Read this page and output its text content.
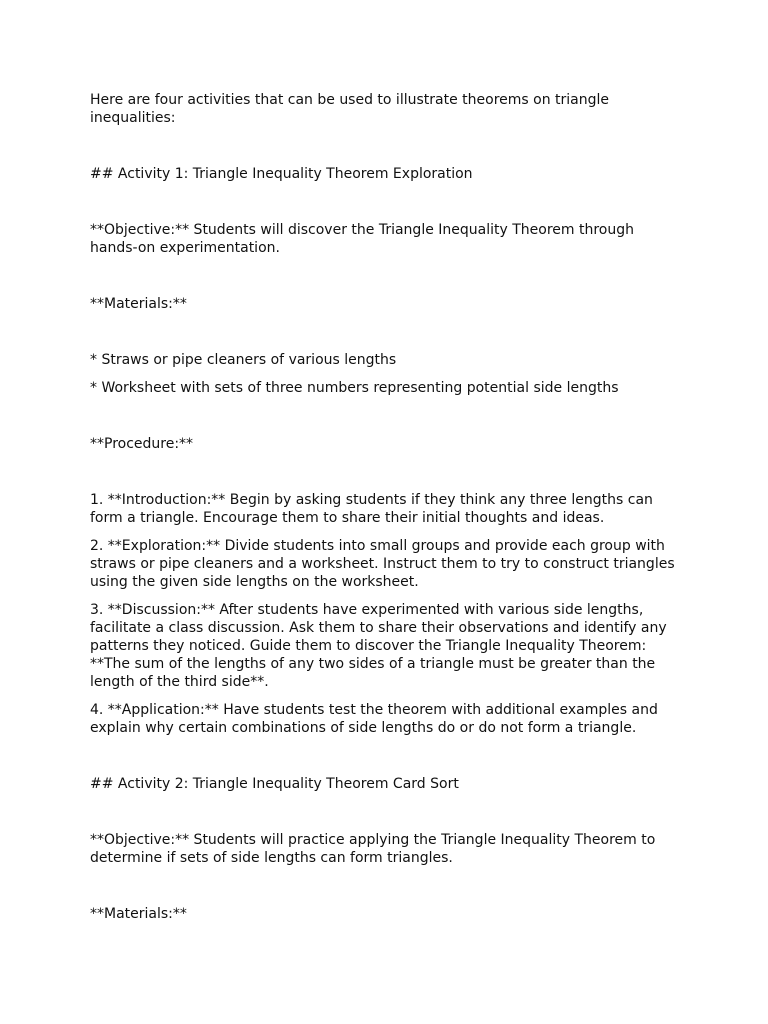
Here are four activities that can be used to illustrate theorems on triangle inequalities:

## Activity 1: Triangle Inequality Theorem Exploration

**Objective:** Students will discover the Triangle Inequality Theorem through hands-on experimentation.

**Materials:**

* Straws or pipe cleaners of various lengths

* Worksheet with sets of three numbers representing potential side lengths

**Procedure:**

1. **Introduction:** Begin by asking students if they think any three lengths can form a triangle. Encourage them to share their initial thoughts and ideas.

2. **Exploration:** Divide students into small groups and provide each group with straws or pipe cleaners and a worksheet. Instruct them to try to construct triangles using the given side lengths on the worksheet.

3. **Discussion:** After students have experimented with various side lengths, facilitate a class discussion. Ask them to share their observations and identify any patterns they noticed. Guide them to discover the Triangle Inequality Theorem: **The sum of the lengths of any two sides of a triangle must be greater than the length of the third side**.

4. **Application:** Have students test the theorem with additional examples and explain why certain combinations of side lengths do or do not form a triangle.

## Activity 2: Triangle Inequality Theorem Card Sort

**Objective:** Students will practice applying the Triangle Inequality Theorem to determine if sets of side lengths can form triangles.

**Materials:**
